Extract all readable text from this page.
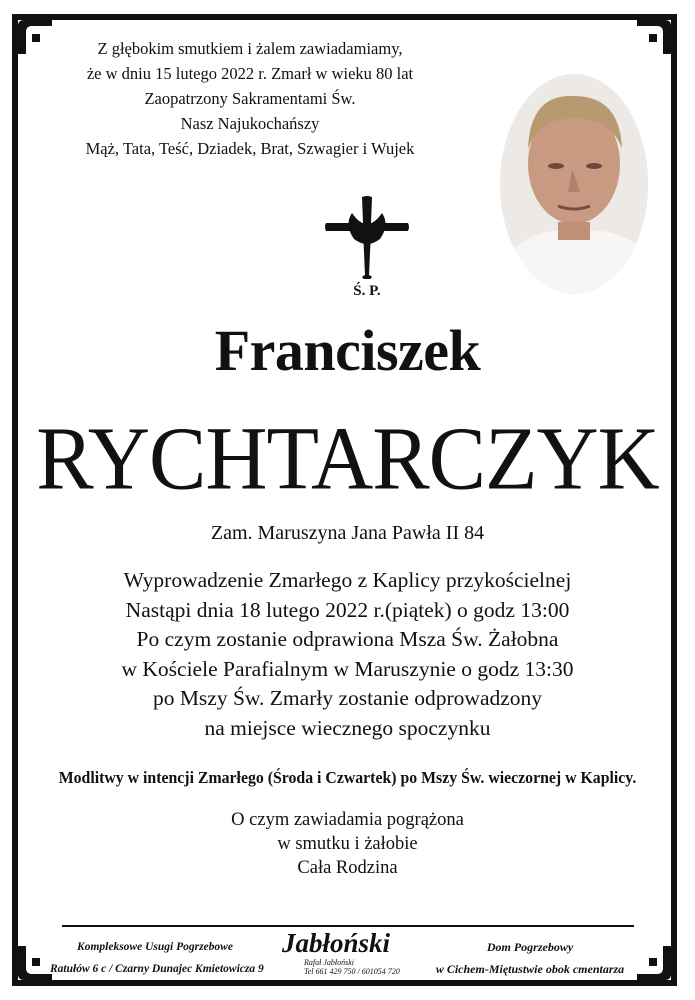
Z głębokim smutkiem i żalem zawiadamiamy,
że w dniu 15 lutego 2022 r. Zmarł w wieku 80 lat
Zaopatrzony Sakramentami Św.
Nasz Najukochańszy
Mąż, Tata, Teść, Dziadek, Brat, Szwagier i Wujek
Ś. P.
Franciszek
RYCHTARCZYK
Zam. Maruszyna Jana Pawła II 84
Wyprowadzenie Zmarłego z Kaplicy przykościelnej
Nastąpi dnia 18 lutego 2022 r.(piątek) o godz 13:00
Po czym zostanie odprawiona Msza Św. Żałobna
w Kościele Parafialnym w Maruszynie o godz 13:30
po Mszy Św. Zmarły zostanie odprowadzony
na miejsce wiecznego spoczynku
Modlitwy w intencji Zmarłego (Środa i Czwartek) po Mszy Św. wieczornej w Kaplicy.
O czym zawiadamia pogrążona
w smutku i żałobie
Cała Rodzina
Kompleksowe Usugi Pogrzebowe
Ratułów 6 c / Czarny Dunajec Kmietowicza 9
Jabłoński
Rafał Jabłoński
Tel 661 429 750 / 601054 720
Dom Pogrzebowy
w Cichem-Miętustwie obok cmentarza
